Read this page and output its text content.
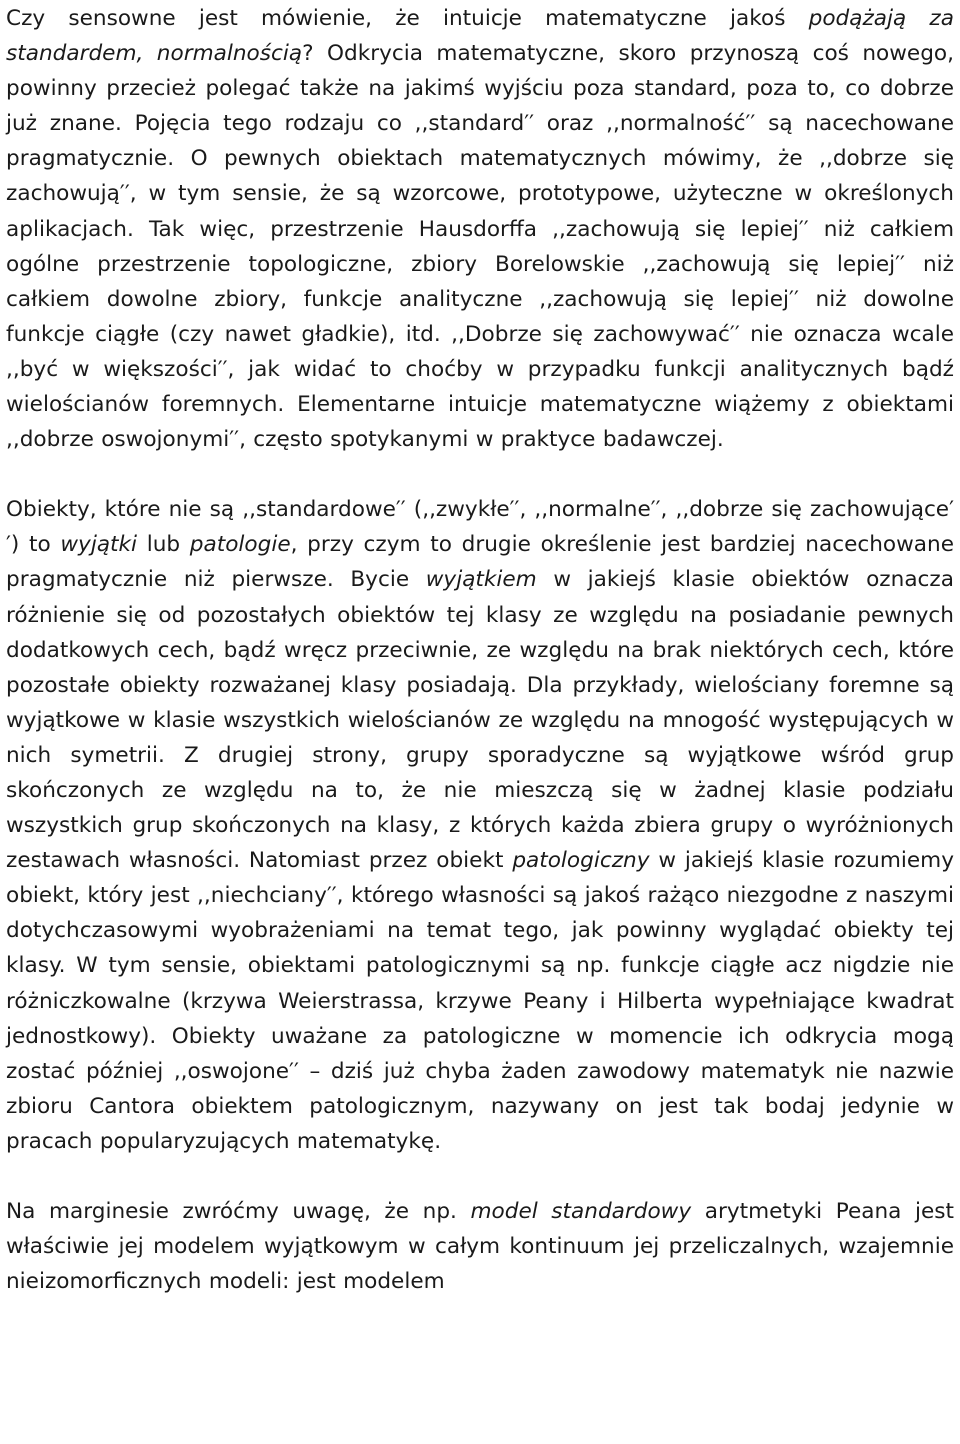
Czy sensowne jest mówienie, że intuicje matematyczne jakoś podążają za standardem, normalnością? Odkrycia matematyczne, skoro przynoszą coś nowego, powinny przecież polegać także na jakimś wyjściu poza standard, poza to, co dobrze już znane. Pojęcia tego rodzaju co ,,standard′′ oraz ,,normalność′′ są nacechowane pragmatycznie. O pewnych obiektach matematycznych mówimy, że ,,dobrze się zachowują′′, w tym sensie, że są wzorcowe, prototypowe, użyteczne w określonych aplikacjach. Tak więc, przestrzenie Hausdorffa ,,zachowują się lepiej′′ niż całkiem ogólne przestrzenie topologiczne, zbiory Borelowskie ,,zachowują się lepiej′′ niż całkiem dowolne zbiory, funkcje analityczne ,,zachowują się lepiej′′ niż dowolne funkcje ciągłe (czy nawet gładkie), itd. ,,Dobrze się zachowywać′′ nie oznacza wcale ,,być w większości′′, jak widać to choćby w przypadku funkcji analitycznych bądź wielościanów foremnych. Elementarne intuicje matematyczne wiążemy z obiektami ,,dobrze oswojonymi′′, często spotykanymi w praktyce badawczej.

Obiekty, które nie są ,,standardowe′′ (,,zwykłe′′, ,,normalne′′, ,,dobrze się zachowujące′′) to wyjątki lub patologie, przy czym to drugie określenie jest bardziej nacechowane pragmatycznie niż pierwsze. Bycie wyjątkiem w jakiejś klasie obiektów oznacza różnienie się od pozostałych obiektów tej klasy ze względu na posiadanie pewnych dodatkowych cech, bądź wręcz przeciwnie, ze względu na brak niektórych cech, które pozostałe obiekty rozważanej klasy posiadają. Dla przykłady, wielościany foremne są wyjątkowe w klasie wszystkich wielościanów ze względu na mnogość występujących w nich symetrii. Z drugiej strony, grupy sporadyczne są wyjątkowe wśród grup skończonych ze względu na to, że nie mieszczą się w żadnej klasie podziału wszystkich grup skończonych na klasy, z których każda zbiera grupy o wyróżnionych zestawach własności. Natomiast przez obiekt patologiczny w jakiejś klasie rozumiemy obiekt, który jest ,,niechciany′′, którego własności są jakoś rażąco niezgodne z naszymi dotychczasowymi wyobrażeniami na temat tego, jak powinny wyglądać obiekty tej klasy. W tym sensie, obiektami patologicznymi są np. funkcje ciągłe acz nigdzie nie różniczkowalne (krzywa Weierstrassa, krzywe Peany i Hilberta wypełniające kwadrat jednostkowy). Obiekty uważane za patologiczne w momencie ich odkrycia mogą zostać później ,,oswojone′′ – dziś już chyba żaden zawodowy matematyk nie nazwie zbioru Cantora obiektem patologicznym, nazywany on jest tak bodaj jedynie w pracach popularyzujących matematykę.

Na marginesie zwróćmy uwagę, że np. model standardowy arytmetyki Peana jest właściwie jej modelem wyjątkowym w całym kontinuum jej przeliczalnych, wzajemnie nieizomorficznych modeli: jest modelem
